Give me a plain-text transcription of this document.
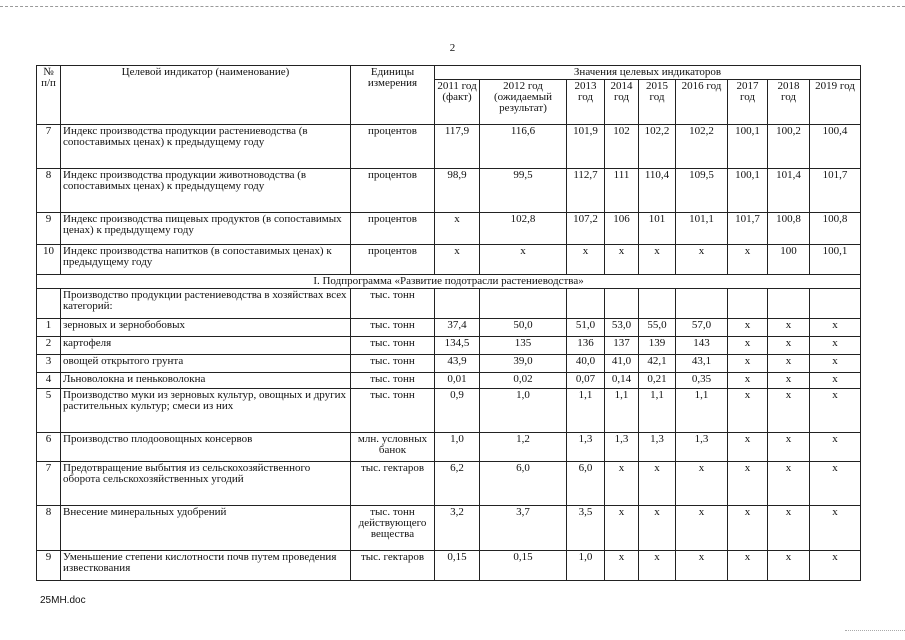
2
№ п/п	Целевой индикатор (наименование)	Единицы измерения	Значения целевых индикаторов								
			2011 год (факт)	2012 год (ожидаемый результат)	2013 год	2014 год	2015 год	2016 год	2017 год	2018 год	2019 год
7	Индекс производства продукции растениеводства (в сопоставимых ценах) к предыдущему году	процентов	117,9	116,6	101,9	102	102,2	102,2	100,1	100,2	100,4
8	Индекс производства продукции животноводства (в сопоставимых ценах) к предыдущему году	процентов	98,9	99,5	112,7	111	110,4	109,5	100,1	101,4	101,7
9	Индекс производства пищевых продуктов (в сопоставимых ценах) к предыдущему году	процентов	x	102,8	107,2	106	101	101,1	101,7	100,8	100,8
10	Индекс производства напитков (в сопоставимых ценах) к предыдущему году	процентов	x	x	x	x	x	x	x	100	100,1
I. Подпрограмма «Развитие подотрасли растениеводства»											
	Производство продукции растениеводства в хозяйствах всех категорий:	тыс. тонн									
1	зерновых и зернобобовых	тыс. тонн	37,4	50,0	51,0	53,0	55,0	57,0	x	x	x
2	картофеля	тыс. тонн	134,5	135	136	137	139	143	x	x	x
3	овощей открытого грунта	тыс. тонн	43,9	39,0	40,0	41,0	42,1	43,1	x	x	x
4	Льноволокна и пеньковолокна	тыс. тонн	0,01	0,02	0,07	0,14	0,21	0,35	x	x	x
5	Производство муки из зерновых культур, овощных и других растительных культур; смеси из них	тыс. тонн	0,9	1,0	1,1	1,1	1,1	1,1	x	x	x
6	Производство плодоовощных консервов	млн. условных банок	1,0	1,2	1,3	1,3	1,3	1,3	x	x	x
7	Предотвращение выбытия из сельскохозяйственного оборота сельскохозяйственных угодий	тыс. гектаров	6,2	6,0	6,0	x	x	x	x	x	x
8	Внесение минеральных удобрений	тыс. тонн действующего вещества	3,2	3,7	3,5	x	x	x	x	x	x
9	Уменьшение степени кислотности почв путем проведения известкования	тыс. гектаров	0,15	0,15	1,0	x	x	x	x	x	x
25МН.doc
